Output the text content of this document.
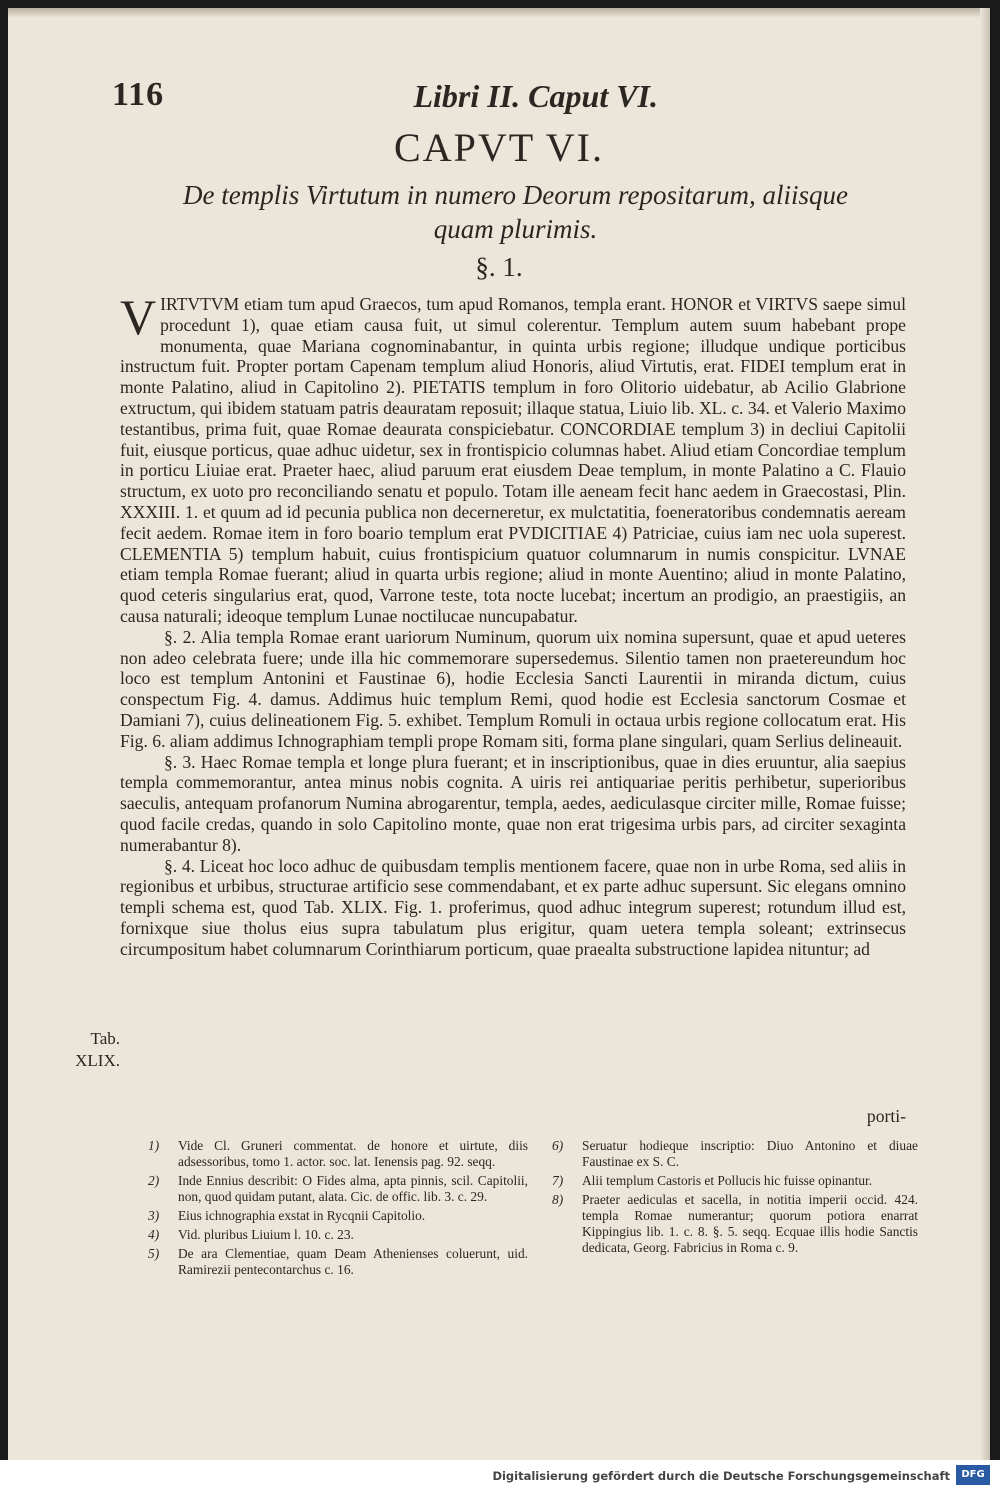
116	Libri II. Caput VI.
CAPVT VI.
De templis Virtutum in numero Deorum repositarum, aliisque quam plurimis.
§. 1.

VIRTVTVM etiam tum apud Graecos, tum apud Romanos, templa erant. HONOR et VIRTVS saepe simul procedunt 1), quae etiam causa fuit, ut simul colerentur. Templum autem suum habebant prope monumenta, quae Mariana cognominabantur, in quinta urbis regione; illudque undique porticibus instructum fuit. Propter portam Capenam templum aliud Honoris, aliud Virtutis, erat. FIDEI templum erat in monte Palatino, aliud in Capitolino 2). PIETATIS templum in foro Olitorio uidebatur, ab Acilio Glabrione extructum, qui ibidem statuam patris deauratam reposuit; illaque statua, Liuio lib. XL. c. 34. et Valerio Maximo testantibus, prima fuit, quae Romae deaurata conspiciebatur. CONCORDIAE templum 3) in decliui Capitolii fuit, eiusque porticus, quae adhuc uidetur, sex in frontispicio columnas habet. Aliud etiam Concordiae templum in porticu Liuiae erat. Praeter haec, aliud paruum erat eiusdem Deae templum, in monte Palatino a C. Flauio structum, ex uoto pro reconciliando senatu et populo. Totam ille aeneam fecit hanc aedem in Graecostasi, Plin. XXXIII. 1. et quum ad id pecunia publica non decerneretur, ex mulctatitia, foeneratoribus condemnatis aeream fecit aedem. Romae item in foro boario templum erat PVDICITIAE 4) Patriciae, cuius iam nec uola superest. CLEMENTIA 5) templum habuit, cuius frontispicium quatuor columnarum in numis conspicitur. LVNAE etiam templa Romae fuerant; aliud in quarta urbis regione; aliud in monte Auentino; aliud in monte Palatino, quod ceteris singularius erat, quod, Varrone teste, tota nocte lucebat; incertum an prodigio, an praestigiis, an causa naturali; ideoque templum Lunae noctilucae nuncupabatur.

§. 2. Alia templa Romae erant uariorum Numinum, quorum uix nomina supersunt, quae et apud ueteres non adeo celebrata fuere; unde illa hic commemorare supersedemus. Silentio tamen non praetereundum hoc loco est templum Antonini et Faustinae 6), hodie Ecclesia Sancti Laurentii in miranda dictum, cuius conspectum Fig. 4. damus. Addimus huic templum Remi, quod hodie est Ecclesia sanctorum Cosmae et Damiani 7), cuius delineationem Fig. 5. exhibet. Templum Romuli in octaua urbis regione collocatum erat. His Fig. 6. aliam addimus Ichnographiam templi prope Romam siti, forma plane singulari, quam Serlius delineauit.

§. 3. Haec Romae templa et longe plura fuerant; et in inscriptionibus, quae in dies eruuntur, alia saepius templa commemorantur, antea minus nobis cognita. A uiris rei antiquariae peritis perhibetur, superioribus saeculis, antequam profanorum Numina abrogarentur, templa, aedes, aediculasque circiter mille, Romae fuisse; quod facile credas, quando in solo Capitolino monte, quae non erat trigesima urbis pars, ad circiter sexaginta numerabantur 8).

§. 4. Liceat hoc loco adhuc de quibusdam templis mentionem facere, quae non in urbe Roma, sed aliis in regionibus et urbibus, structurae artificio sese commendabant, et ex parte adhuc supersunt. Sic elegans omnino templi schema est, quod Tab. XLIX. Fig. 1. proferimus, quod adhuc integrum superest; rotundum illud est, fornixque siue tholus eius supra tabulatum plus erigitur, quam uetera templa soleant; extrinsecus circumpositum habet columnarum Corinthiarum porticum, quae praealta substructione lapidea nituntur; ad

Tab.
XLIX.
porti-
1)	Vide Cl. Gruneri commentat. de honore et uirtute, diis adsessoribus, tomo 1. actor. soc. lat. Ienensis pag. 92. seqq.
2)	Inde Ennius describit: O Fides alma, apta pinnis, scil. Capitolii, non, quod quidam putant, alata. Cic. de offic. lib. 3. c. 29.
3)	Eius ichnographia exstat in Rycqnii Capitolio.
4)	Vid. pluribus Liuium l. 10. c. 23.
5)	De ara Clementiae, quam Deam Athenienses coluerunt, uid. Ramirezii pentecontarchus c. 16.
6)	Seruatur hodieque inscriptio: Diuo Antonino et diuae Faustinae ex S. C.
7)	Alii templum Castoris et Pollucis hic fuisse opinantur.
8)	Praeter aediculas et sacella, in notitia imperii occid. 424. templa Romae numerantur; quorum potiora enarrat Kippingius lib. 1. c. 8. §. 5. seqq. Ecquae illis hodie Sanctis dedicata, Georg. Fabricius in Roma c. 9.
Digitalisierung gefördert durch die Deutsche Forschungsgemeinschaft	DFG
